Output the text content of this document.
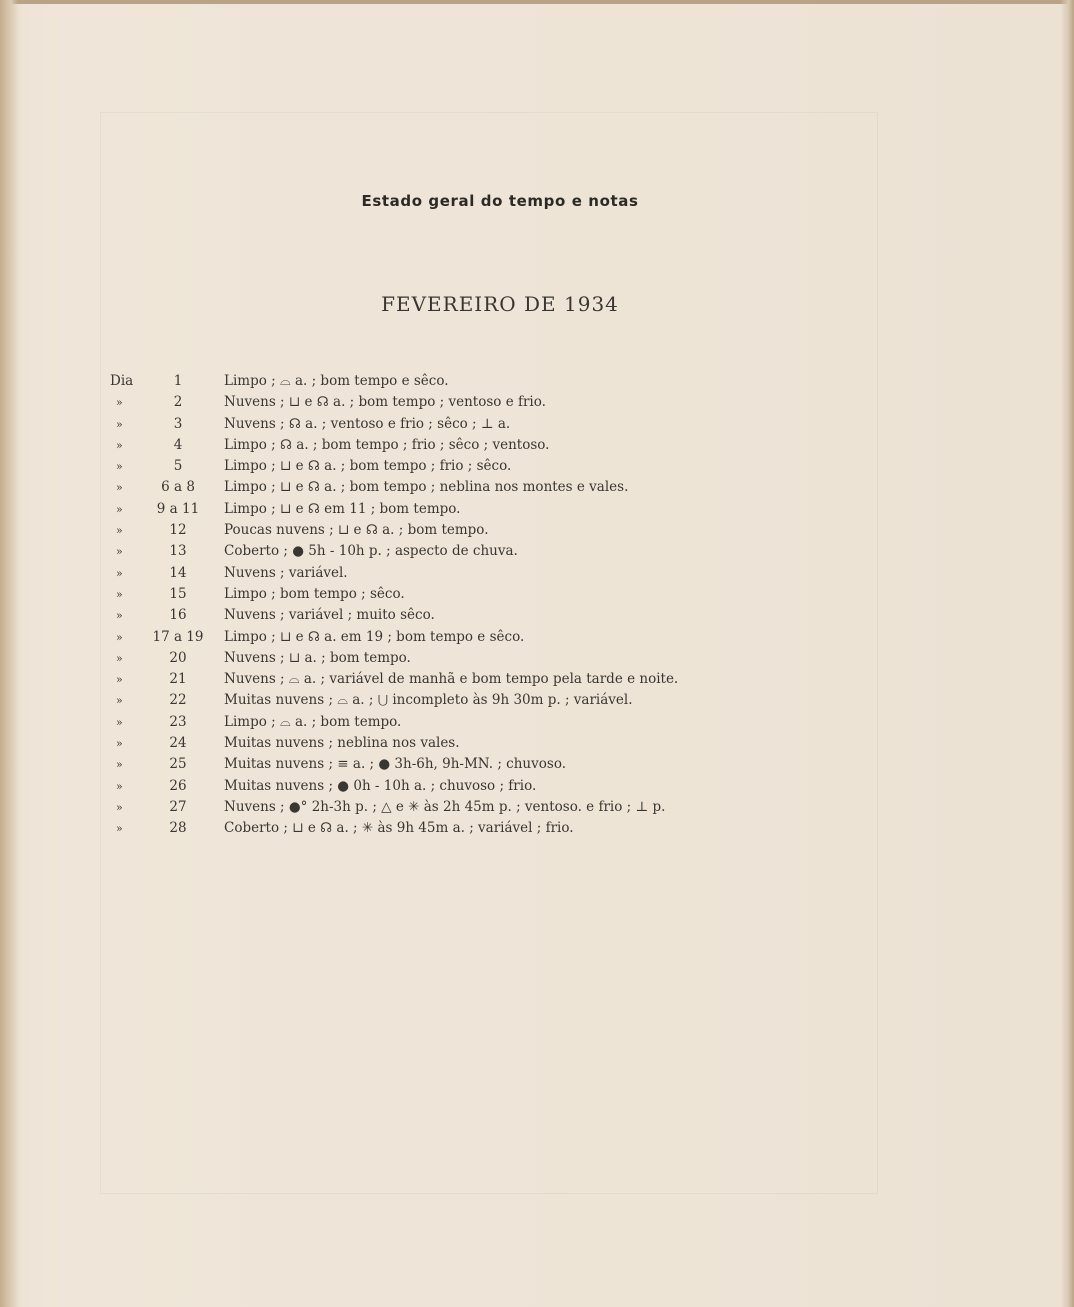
Estado geral do tempo e notas
FEVEREIRO DE 1934
Dia	1	Limpo ; ⌓ a. ; bom tempo e sêco.
»	2	Nuvens ; ⊔ e ☊ a. ; bom tempo ; ventoso e frio.
»	3	Nuvens ; ☊ a. ; ventoso e frio ; sêco ; ⊥ a.
»	4	Limpo ; ☊ a. ; bom tempo ; frio ; sêco ; ventoso.
»	5	Limpo ; ⊔ e ☊ a. ; bom tempo ; frio ; sêco.
»	6 a 8	Limpo ; ⊔ e ☊ a. ; bom tempo ; neblina nos montes e vales.
»	9 a 11	Limpo ; ⊔ e ☊ em 11 ; bom tempo.
»	12	Poucas nuvens ; ⊔ e ☊ a. ; bom tempo.
»	13	Coberto ; ● 5h - 10h p. ; aspecto de chuva.
»	14	Nuvens ; variável.
»	15	Limpo ; bom tempo ; sêco.
»	16	Nuvens ; variável ; muito sêco.
»	17 a 19	Limpo ; ⊔ e ☊ a. em 19 ; bom tempo e sêco.
»	20	Nuvens ; ⊔ a. ; bom tempo.
»	21	Nuvens ; ⌓ a. ; variável de manhã e bom tempo pela tarde e noite.
»	22	Muitas nuvens ; ⌓ a. ; ⋃ incompleto às 9h 30m p. ; variável.
»	23	Limpo ; ⌓ a. ; bom tempo.
»	24	Muitas nuvens ; neblina nos vales.
»	25	Muitas nuvens ; ≡ a. ; ● 3h-6h, 9h-MN. ; chuvoso.
»	26	Muitas nuvens ; ● 0h - 10h a. ; chuvoso ; frio.
»	27	Nuvens ; ●° 2h-3h p. ; △ e ✳ às 2h 45m p. ; ventoso. e frio ; ⊥ p.
»	28	Coberto ; ⊔ e ☊ a. ; ✳ às 9h 45m a. ; variável ; frio.
